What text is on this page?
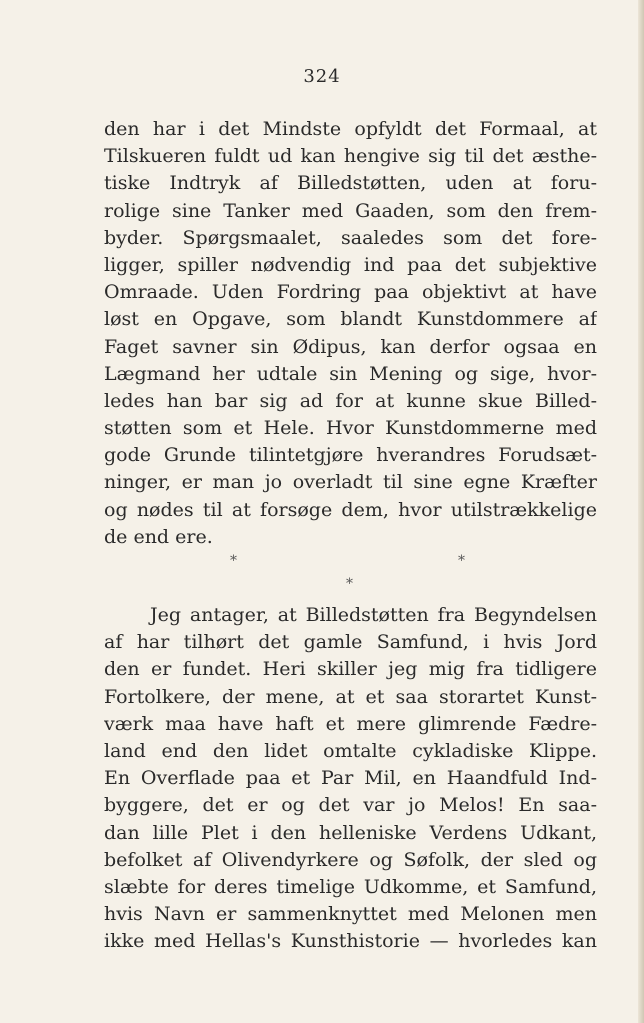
324
den har i det Mindste opfyldt det Formaal, at
Tilskueren fuldt ud kan hengive sig til det æsthe-
tiske Indtryk af Billedstøtten, uden at foru-
rolige sine Tanker med Gaaden, som den frem-
byder. Spørgsmaalet, saaledes som det fore-
ligger, spiller nødvendig ind paa det subjektive
Omraade. Uden Fordring paa objektivt at have
løst en Opgave, som blandt Kunstdommere af
Faget savner sin Ødipus, kan derfor ogsaa en
Lægmand her udtale sin Mening og sige, hvor-
ledes han bar sig ad for at kunne skue Billed-
støtten som et Hele. Hvor Kunstdommerne med
gode Grunde tilintetgjøre hverandres Forudsæt-
ninger, er man jo overladt til sine egne Kræfter
og nødes til at forsøge dem, hvor utilstrækkelige
de end ere.
*	*
*
Jeg antager, at Billedstøtten fra Begyndelsen
af har tilhørt det gamle Samfund, i hvis Jord
den er fundet. Heri skiller jeg mig fra tidligere
Fortolkere, der mene, at et saa storartet Kunst-
værk maa have haft et mere glimrende Fædre-
land end den lidet omtalte cykladiske Klippe.
En Overflade paa et Par Mil, en Haandfuld Ind-
byggere, det er og det var jo Melos! En saa-
dan lille Plet i den helleniske Verdens Udkant,
befolket af Olivendyrkere og Søfolk, der sled og
slæbte for deres timelige Udkomme, et Samfund,
hvis Navn er sammenknyttet med Melonen men
ikke med Hellas's Kunsthistorie — hvorledes kan
